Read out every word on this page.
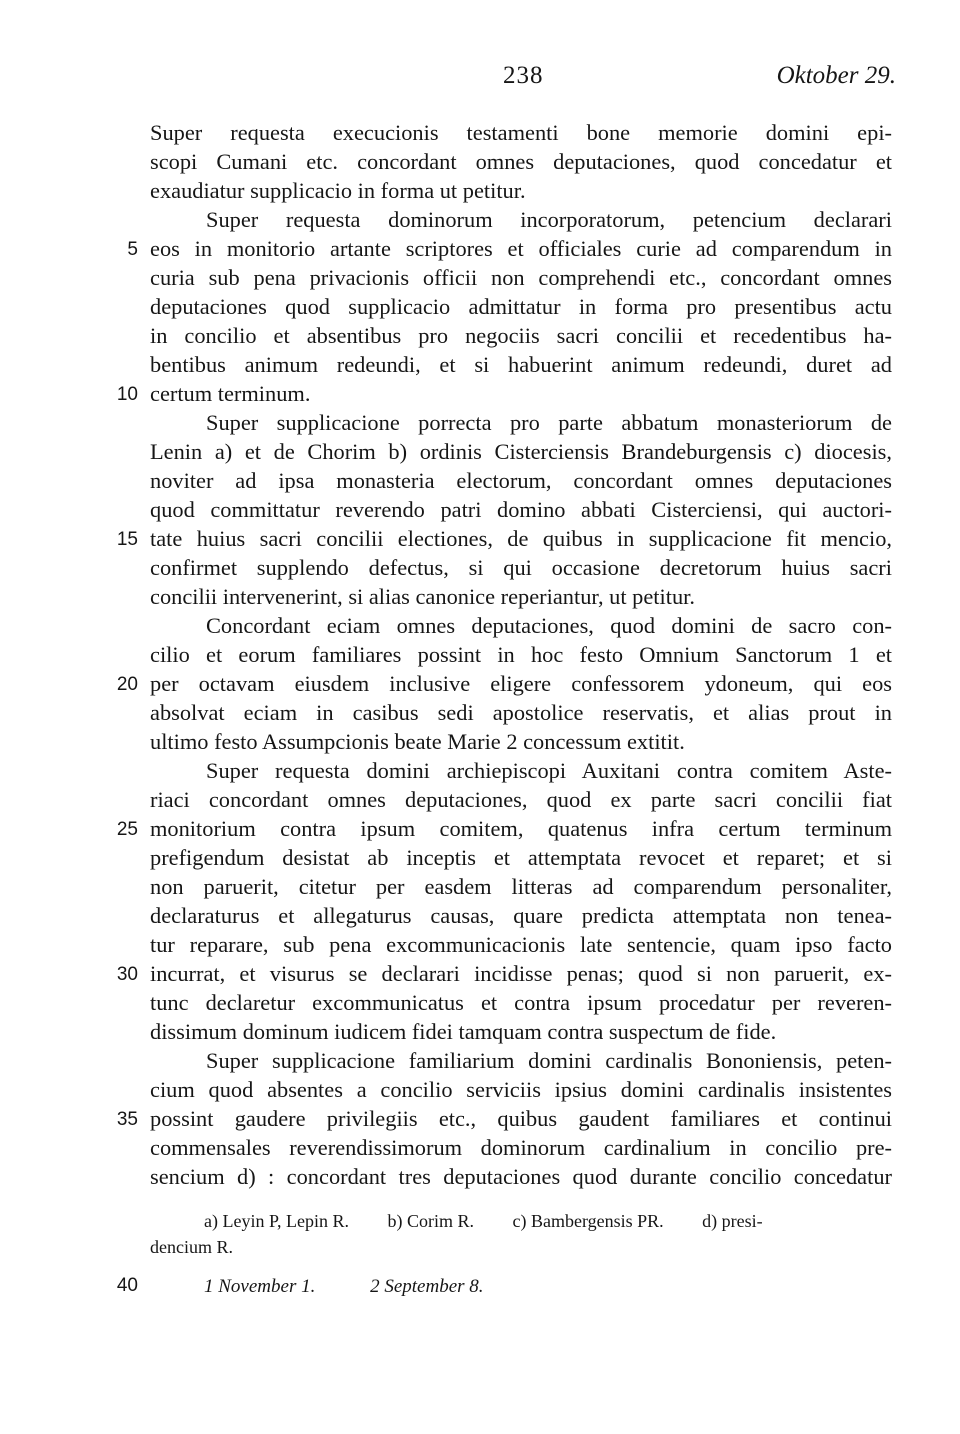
238	Oktober 29.
Super requesta execucionis testamenti bone memorie domini epi-
scopi Cumani etc. concordant omnes deputaciones, quod concedatur et
exaudiatur supplicacio in forma ut petitur.
Super requesta dominorum incorporatorum, petencium declarari
eos in monitorio artante scriptores et officiales curie ad comparendum in
curia sub pena privacionis officii non comprehendi etc., concordant omnes
deputaciones quod supplicacio admittatur in forma pro presentibus actu
in concilio et absentibus pro negociis sacri concilii et recedentibus ha-
bentibus animum redeundi, et si habuerint animum redeundi, duret ad
certum terminum.
Super supplicacione porrecta pro parte abbatum monasteriorum de
Lenin a) et de Chorim b) ordinis Cisterciensis Brandeburgensis c) diocesis,
noviter ad ipsa monasteria electorum, concordant omnes deputaciones
quod committatur reverendo patri domino abbati Cisterciensi, qui auctori-
tate huius sacri concilii electiones, de quibus in supplicacione fit mencio,
confirmet supplendo defectus, si qui occasione decretorum huius sacri
concilii intervenerint, si alias canonice reperiantur, ut petitur.
Concordant eciam omnes deputaciones, quod domini de sacro con-
cilio et eorum familiares possint in hoc festo Omnium Sanctorum 1 et
per octavam eiusdem inclusive eligere confessorem ydoneum, qui eos
absolvat eciam in casibus sedi apostolice reservatis, et alias prout in
ultimo festo Assumpcionis beate Marie 2 concessum extitit.
Super requesta domini archiepiscopi Auxitani contra comitem Aste-
riaci concordant omnes deputaciones, quod ex parte sacri concilii fiat
monitorium contra ipsum comitem, quatenus infra certum terminum
prefigendum desistat ab inceptis et attemptata revocet et reparet; et si
non paruerit, citetur per easdem litteras ad comparendum personaliter,
declaraturus et allegaturus causas, quare predicta attemptata non tenea-
tur reparare, sub pena excommunicacionis late sentencie, quam ipso facto
incurrat, et visurus se declarari incidisse penas; quod si non paruerit, ex-
tunc declaretur excommunicatus et contra ipsum procedatur per reveren-
dissimum dominum iudicem fidei tamquam contra suspectum de fide.
Super supplicacione familiarium domini cardinalis Bononiensis, peten-
cium quod absentes a concilio serviciis ipsius domini cardinalis insistentes
possint gaudere privilegiis etc., quibus gaudent familiares et continui
commensales reverendissimorum dominorum cardinalium in concilio pre-
sencium d) : concordant tres deputaciones quod durante concilio concedatur
5
10
15
20
25
30
35
40
a) Leyin P, Lepin R. b) Corim R. c) Bambergensis PR. d) presi-
dencium R.
1 November 1.	2 September 8.
